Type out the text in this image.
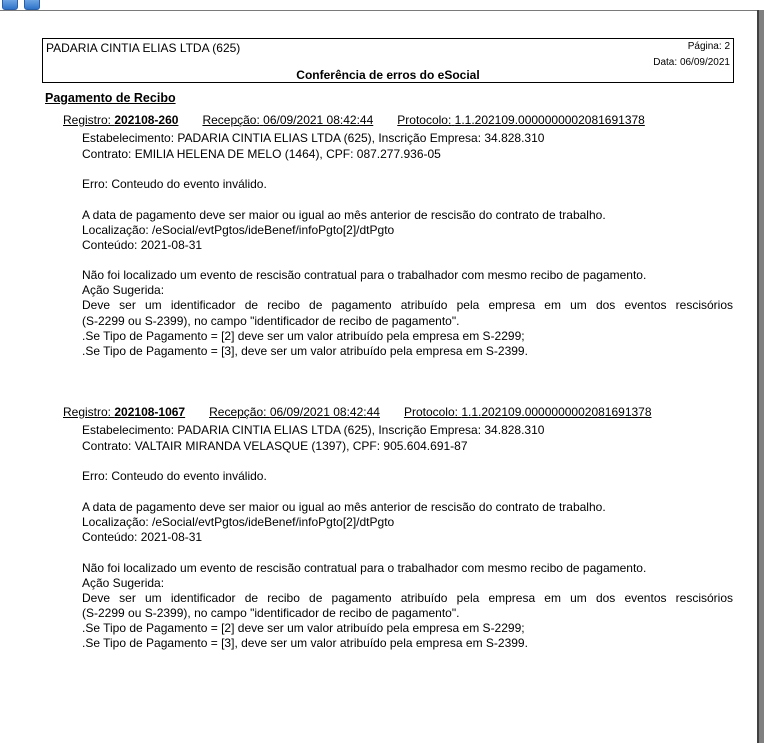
PADARIA CINTIA ELIAS LTDA (625)	Página: 2
Data: 06/09/2021
Conferência de erros do eSocial
Pagamento de Recibo
Registro: 202108-260 Recepção: 06/09/2021 08:42:44 Protocolo: 1.1.202109.0000000002081691378
Estabelecimento: PADARIA CINTIA ELIAS LTDA (625), Inscrição Empresa: 34.828.310
Contrato: EMILIA HELENA DE MELO (1464), CPF: 087.277.936-05
Erro: Conteudo do evento inválido.
A data de pagamento deve ser maior ou igual ao mês anterior de rescisão do contrato de trabalho.
Localização: /eSocial/evtPgtos/ideBenef/infoPgto[2]/dtPgto
Conteúdo: 2021-08-31
Não foi localizado um evento de rescisão contratual para o trabalhador com mesmo recibo de pagamento.
Ação Sugerida:
Deve ser um identificador de recibo de pagamento atribuído pela empresa em um dos eventos rescisórios
(S-2299 ou S-2399), no campo "identificador de recibo de pagamento".
.Se Tipo de Pagamento = [2] deve ser um valor atribuído pela empresa em S-2299;
.Se Tipo de Pagamento = [3], deve ser um valor atribuído pela empresa em S-2399.
Registro: 202108-1067 Recepção: 06/09/2021 08:42:44 Protocolo: 1.1.202109.0000000002081691378
Estabelecimento: PADARIA CINTIA ELIAS LTDA (625), Inscrição Empresa: 34.828.310
Contrato: VALTAIR MIRANDA VELASQUE (1397), CPF: 905.604.691-87
Erro: Conteudo do evento inválido.
A data de pagamento deve ser maior ou igual ao mês anterior de rescisão do contrato de trabalho.
Localização: /eSocial/evtPgtos/ideBenef/infoPgto[2]/dtPgto
Conteúdo: 2021-08-31
Não foi localizado um evento de rescisão contratual para o trabalhador com mesmo recibo de pagamento.
Ação Sugerida:
Deve ser um identificador de recibo de pagamento atribuído pela empresa em um dos eventos rescisórios
(S-2299 ou S-2399), no campo "identificador de recibo de pagamento".
.Se Tipo de Pagamento = [2] deve ser um valor atribuído pela empresa em S-2299;
.Se Tipo de Pagamento = [3], deve ser um valor atribuído pela empresa em S-2399.
